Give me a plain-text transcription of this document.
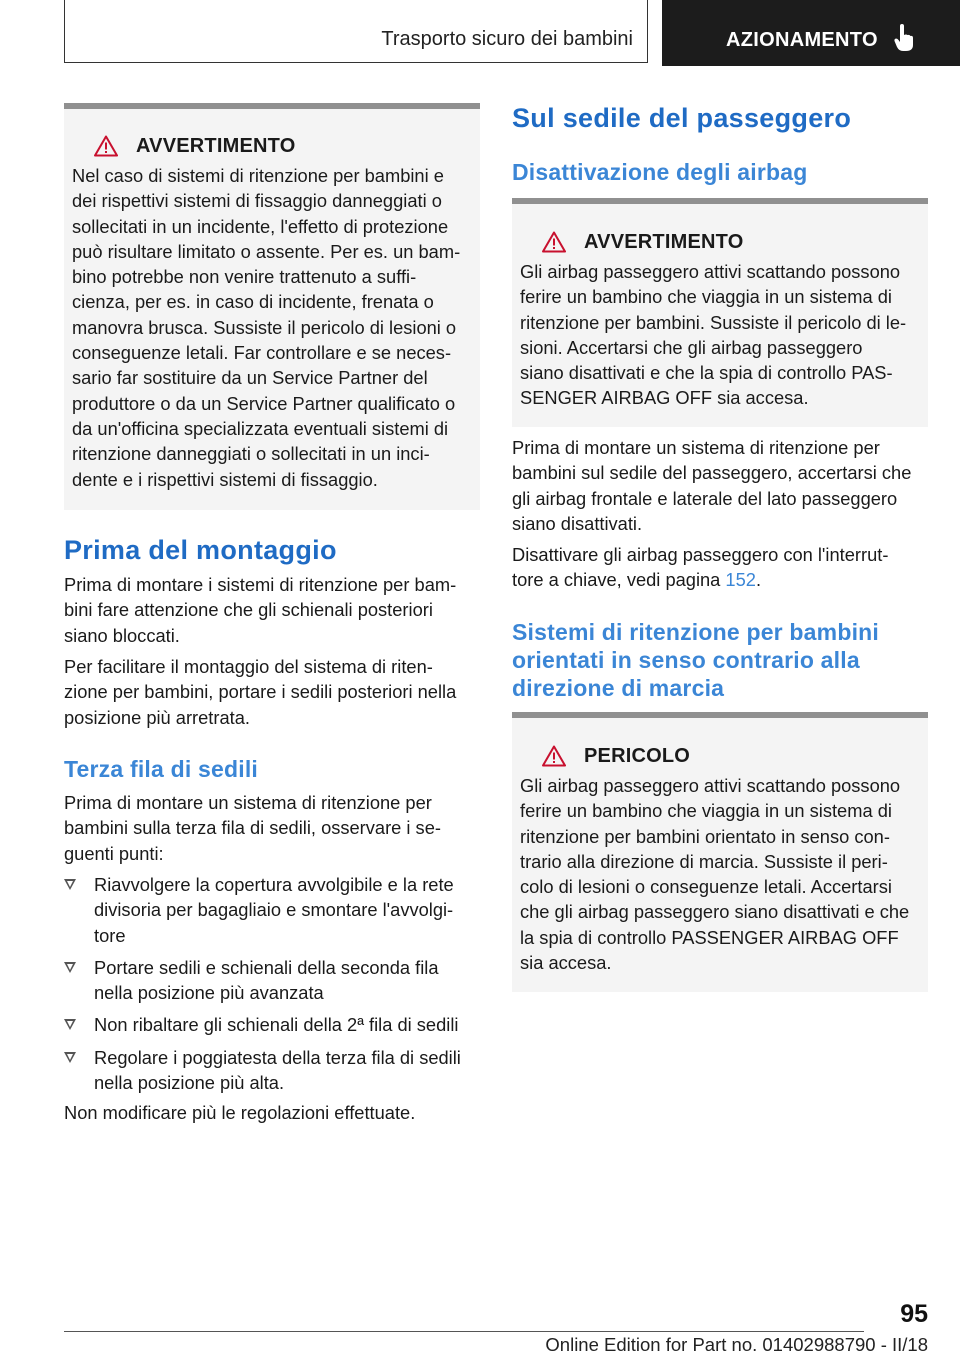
Trasporto sicuro dei bambini	AZIONAMENTO
AVVERTIMENTO

Nel caso di sistemi di ritenzione per bambini e
dei rispettivi sistemi di fissaggio danneggiati o
sollecitati in un incidente, l'effetto di protezione
può risultare limitato o assente. Per es. un bam‐
bino potrebbe non venire trattenuto a suffi‐
cienza, per es. in caso di incidente, frenata o
manovra brusca. Sussiste il pericolo di lesioni o
conseguenze letali. Far controllare e se neces‐
sario far sostituire da un Service Partner del
produttore o da un Service Partner qualificato o
da un'officina specializzata eventuali sistemi di
ritenzione danneggiati o sollecitati in un inci‐
dente e i rispettivi sistemi di fissaggio.

Prima del montaggio

Prima di montare i sistemi di ritenzione per bam‐
bini fare attenzione che gli schienali posteriori
siano bloccati.

Per facilitare il montaggio del sistema di riten‐
zione per bambini, portare i sedili posteriori nella
posizione più arretrata.

Terza fila di sedili

Prima di montare un sistema di ritenzione per
bambini sulla terza fila di sedili, osservare i se‐
guenti punti:

Riavvolgere la copertura avvolgibile e la rete
divisoria per bagagliaio e smontare l'avvolgi‐
tore
Portare sedili e schienali della seconda fila
nella posizione più avanzata
Non ribaltare gli schienali della 2ª fila di sedili
Regolare i poggiatesta della terza fila di sedili
nella posizione più alta.

Non modificare più le regolazioni effettuate.

Sul sedile del passeggero
Disattivazione degli airbag
AVVERTIMENTO

Gli airbag passeggero attivi scattando possono
ferire un bambino che viaggia in un sistema di
ritenzione per bambini. Sussiste il pericolo di le‐
sioni. Accertarsi che gli airbag passeggero
siano disattivati e che la spia di controllo PAS‐
SENGER AIRBAG OFF sia accesa.

Prima di montare un sistema di ritenzione per
bambini sul sedile del passeggero, accertarsi che
gli airbag frontale e laterale del lato passeggero
siano disattivati.

Disattivare gli airbag passeggero con l'interrut‐
tore a chiave, vedi pagina 152.

Sistemi di ritenzione per bambini
orientati in senso contrario alla
direzione di marcia
PERICOLO

Gli airbag passeggero attivi scattando possono
ferire un bambino che viaggia in un sistema di
ritenzione per bambini orientato in senso con‐
trario alla direzione di marcia. Sussiste il peri‐
colo di lesioni o conseguenze letali. Accertarsi
che gli airbag passeggero siano disattivati e che
la spia di controllo PASSENGER AIRBAG OFF
sia accesa.

95
Online Edition for Part no. 01402988790 - II/18
